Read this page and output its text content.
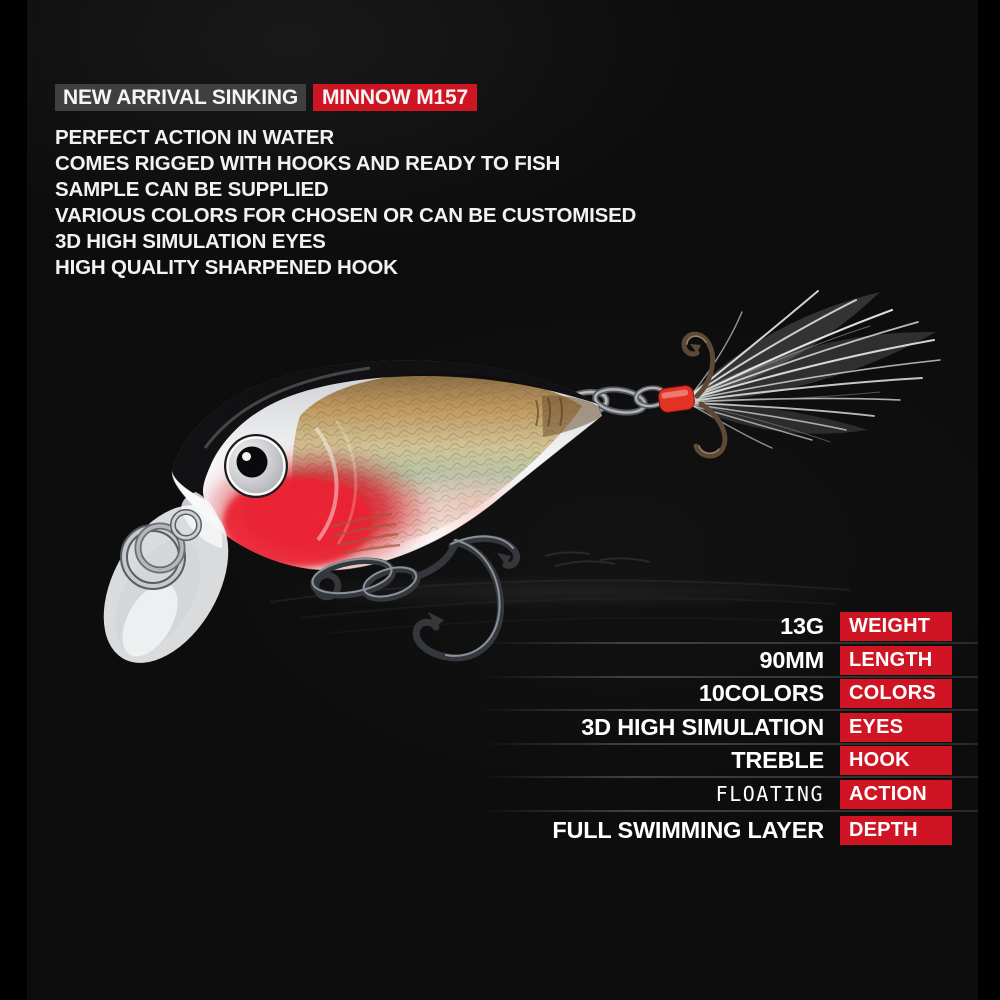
NEW ARRIVAL SINKING MINNOW M157
PERFECT ACTION IN WATER
COMES RIGGED WITH HOOKS AND READY TO FISH
SAMPLE CAN BE SUPPLIED
VARIOUS COLORS FOR CHOSEN OR CAN BE CUSTOMISED
3D HIGH SIMULATION EYES
HIGH QUALITY SHARPENED HOOK
13G	WEIGHT
90MM	LENGTH
10COLORS	COLORS
3D HIGH SIMULATION	EYES
TREBLE	HOOK
FLOATING	ACTION
FULL SWIMMING LAYER	DEPTH
